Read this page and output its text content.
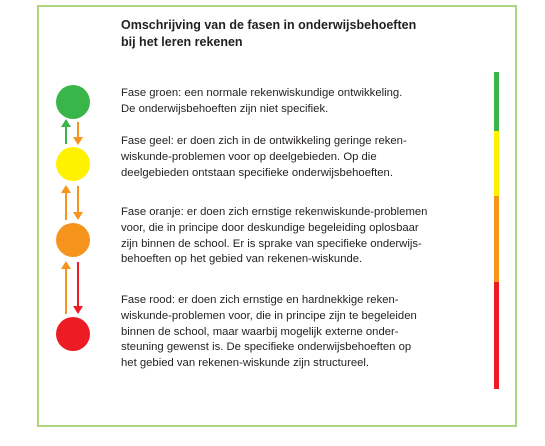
Omschrijving van de fasen in onderwijsbehoeften
bij het leren rekenen

Fase groen: een normale rekenwiskundige ontwikkeling.
De onderwijsbehoeften zijn niet specifiek.

Fase geel: er doen zich in de ontwikkeling geringe reken-
wiskunde-problemen voor op deelgebieden. Op die
deelgebieden ontstaan specifieke onderwijsbehoeften.

Fase oranje: er doen zich ernstige rekenwiskunde-problemen
voor, die in principe door deskundige begeleiding oplosbaar
zijn binnen de school. Er is sprake van specifieke onderwijs-
behoeften op het gebied van rekenen-wiskunde.

Fase rood: er doen zich ernstige en hardnekkige reken-
wiskunde-problemen voor, die in principe zijn te begeleiden
binnen de school, maar waarbij mogelijk externe onder-
steuning gewenst is. De specifieke onderwijsbehoeften op
het gebied van rekenen-wiskunde zijn structureel.
